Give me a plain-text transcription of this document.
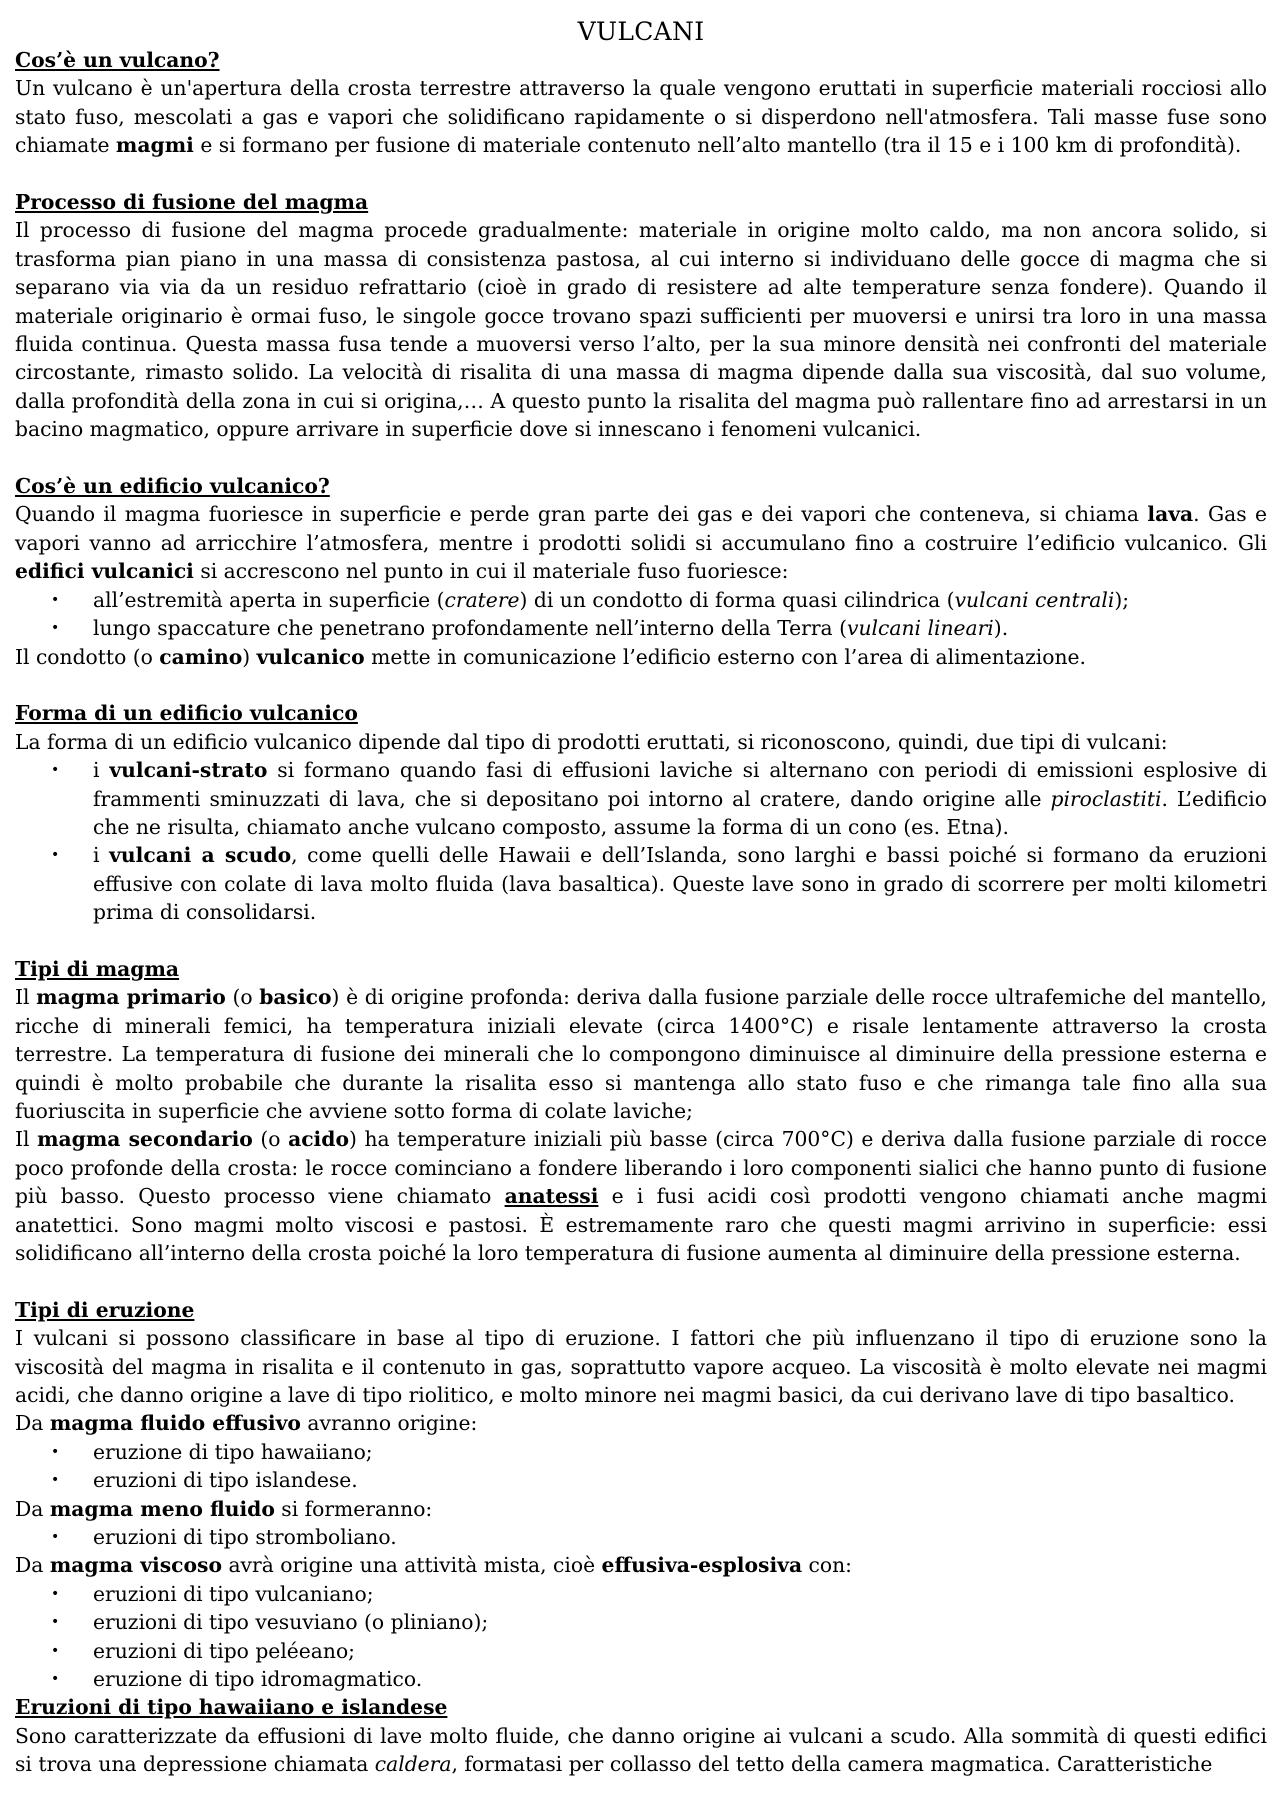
VULCANI
Cos’è un vulcano?

Un vulcano è un'apertura della crosta terrestre attraverso la quale vengono eruttati in superficie materiali rocciosi allo stato fuso, mescolati a gas e vapori che solidificano rapidamente o si disperdono nell'atmosfera. Tali masse fuse sono chiamate magmi e si formano per fusione di materiale contenuto nell’alto mantello (tra il 15 e i 100 km di profondità).

Processo di fusione del magma

Il processo di fusione del magma procede gradualmente: materiale in origine molto caldo, ma non ancora solido, si trasforma pian piano in una massa di consistenza pastosa, al cui interno si individuano delle gocce di magma che si separano via via da un residuo refrattario (cioè in grado di resistere ad alte temperature senza fondere). Quando il materiale originario è ormai fuso, le singole gocce trovano spazi sufficienti per muoversi e unirsi tra loro in una massa fluida continua. Questa massa fusa tende a muoversi verso l’alto, per la sua minore densità nei confronti del materiale circostante, rimasto solido. La velocità di risalita di una massa di magma dipende dalla sua viscosità, dal suo volume, dalla profondità della zona in cui si origina,… A questo punto la risalita del magma può rallentare fino ad arrestarsi in un bacino magmatico, oppure arrivare in superficie dove si innescano i fenomeni vulcanici.

Cos’è un edificio vulcanico?

Quando il magma fuoriesce in superficie e perde gran parte dei gas e dei vapori che conteneva, si chiama lava. Gas e vapori vanno ad arricchire l’atmosfera, mentre i prodotti solidi si accumulano fino a costruire l’edificio vulcanico. Gli edifici vulcanici si accrescono nel punto in cui il materiale fuso fuoriesce:

• all’estremità aperta in superficie (cratere) di un condotto di forma quasi cilindrica (vulcani centrali);
• lungo spaccature che penetrano profondamente nell’interno della Terra (vulcani lineari).

Il condotto (o camino) vulcanico mette in comunicazione l’edificio esterno con l’area di alimentazione.

Forma di un edificio vulcanico

La forma di un edificio vulcanico dipende dal tipo di prodotti eruttati, si riconoscono, quindi, due tipi di vulcani:

• i vulcani-strato si formano quando fasi di effusioni laviche si alternano con periodi di emissioni esplosive di frammenti sminuzzati di lava, che si depositano poi intorno al cratere, dando origine alle piroclastiti. L’edificio che ne risulta, chiamato anche vulcano composto, assume la forma di un cono (es. Etna).
• i vulcani a scudo, come quelli delle Hawaii e dell’Islanda, sono larghi e bassi poiché si formano da eruzioni effusive con colate di lava molto fluida (lava basaltica). Queste lave sono in grado di scorrere per molti kilometri prima di consolidarsi.
Tipi di magma

Il magma primario (o basico) è di origine profonda: deriva dalla fusione parziale delle rocce ultrafemiche del mantello, ricche di minerali femici, ha temperatura iniziali elevate (circa 1400°C) e risale lentamente attraverso la crosta terrestre. La temperatura di fusione dei minerali che lo compongono diminuisce al diminuire della pressione esterna e quindi è molto probabile che durante la risalita esso si mantenga allo stato fuso e che rimanga tale fino alla sua fuoriuscita in superficie che avviene sotto forma di colate laviche;

Il magma secondario (o acido) ha temperature iniziali più basse (circa 700°C) e deriva dalla fusione parziale di rocce poco profonde della crosta: le rocce cominciano a fondere liberando i loro componenti sialici che hanno punto di fusione più basso. Questo processo viene chiamato anatessi e i fusi acidi così prodotti vengono chiamati anche magmi anatettici. Sono magmi molto viscosi e pastosi. È estremamente raro che questi magmi arrivino in superficie: essi solidificano all’interno della crosta poiché la loro temperatura di fusione aumenta al diminuire della pressione esterna.

Tipi di eruzione

I vulcani si possono classificare in base al tipo di eruzione. I fattori che più influenzano il tipo di eruzione sono la viscosità del magma in risalita e il contenuto in gas, soprattutto vapore acqueo. La viscosità è molto elevate nei magmi acidi, che danno origine a lave di tipo riolitico, e molto minore nei magmi basici, da cui derivano lave di tipo basaltico.

Da magma fluido effusivo avranno origine:

• eruzione di tipo hawaiiano;
• eruzioni di tipo islandese.

Da magma meno fluido si formeranno:

• eruzioni di tipo stromboliano.

Da magma viscoso avrà origine una attività mista, cioè effusiva-esplosiva con:

• eruzioni di tipo vulcaniano;
• eruzioni di tipo vesuviano (o pliniano);
• eruzioni di tipo peléeano;
• eruzione di tipo idromagmatico.
Eruzioni di tipo hawaiiano e islandese

Sono caratterizzate da effusioni di lave molto fluide, che danno origine ai vulcani a scudo. Alla sommità di questi edifici si trova una depressione chiamata caldera, formatasi per collasso del tetto della camera magmatica. Caratteristiche
